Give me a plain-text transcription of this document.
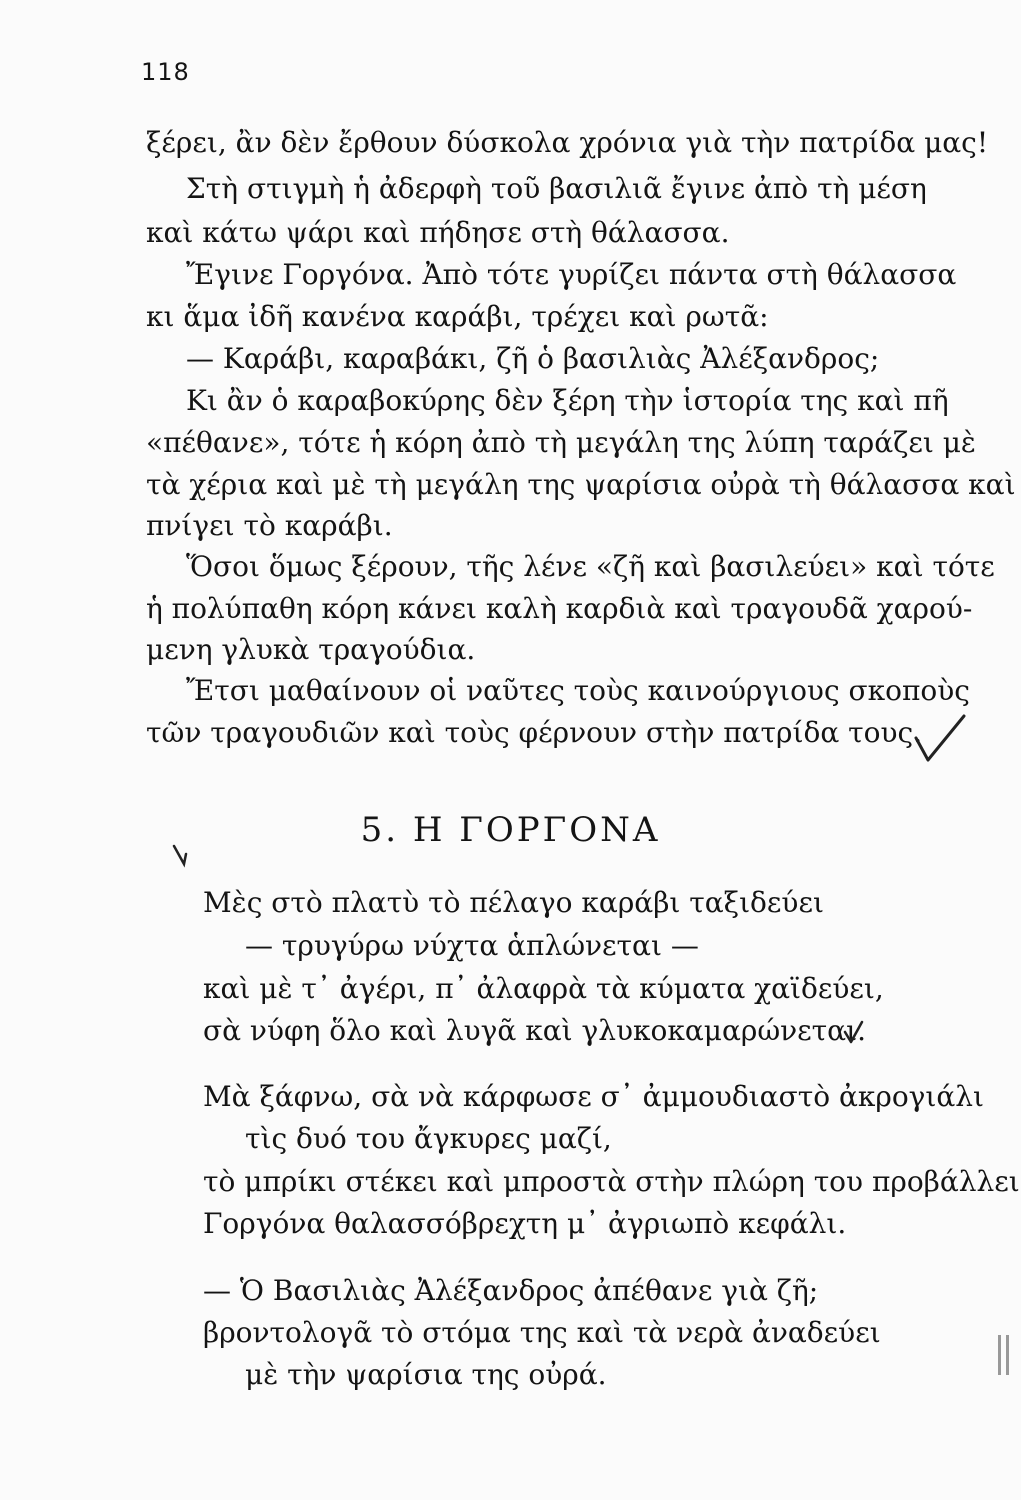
118
ξέρει, ἂν δὲν ἔρθουν δύσκολα χρόνια γιὰ τὴν πατρίδα μας!
Στὴ στιγμὴ ἡ ἀδερφὴ τοῦ βασιλιᾶ ἔγινε ἀπὸ τὴ μέση
καὶ κάτω ψάρι καὶ πήδησε στὴ θάλασσα.
Ἔγινε Γοργόνα. Ἀπὸ τότε γυρίζει πάντα στὴ θάλασσα
κι ἅμα ἰδῆ κανένα καράβι, τρέχει καὶ ρωτᾶ:
— Καράβι, καραβάκι, ζῆ ὁ βασιλιὰς Ἀλέξανδρος;
Κι ἂν ὁ καραβοκύρης δὲν ξέρη τὴν ἱστορία της καὶ πῆ
«πέθανε», τότε ἡ κόρη ἀπὸ τὴ μεγάλη της λύπη ταράζει μὲ
τὰ χέρια καὶ μὲ τὴ μεγάλη της ψαρίσια οὐρὰ τὴ θάλασσα καὶ
πνίγει τὸ καράβι.
Ὅσοι ὅμως ξέρουν, τῆς λένε «ζῆ καὶ βασιλεύει» καὶ τότε
ἡ πολύπαθη κόρη κάνει καλὴ καρδιὰ καὶ τραγουδᾶ χαρού-
μενη γλυκὰ τραγούδια.
Ἔτσι μαθαίνουν οἱ ναῦτες τοὺς καινούργιους σκοποὺς
τῶν τραγουδιῶν καὶ τοὺς φέρνουν στὴν πατρίδα τους.
5. Η ΓΟΡΓΟΝΑ
Μὲς στὸ πλατὺ τὸ πέλαγο καράβι ταξιδεύει
— τρυγύρω νύχτα ἁπλώνεται —
καὶ μὲ τ᾿ ἀγέρι, π᾿ ἀλαφρὰ τὰ κύματα χαϊδεύει,
σὰ νύφη ὅλο καὶ λυγᾶ καὶ γλυκοκαμαρώνεται.
Μὰ ξάφνω, σὰ νὰ κάρφωσε σ᾿ ἀμμουδιαστὸ ἀκρογιάλι
τὶς δυό του ἄγκυρες μαζί,
τὸ μπρίκι στέκει καὶ μπροστὰ στὴν πλώρη του προβάλλει
Γοργόνα θαλασσόβρεχτη μ᾿ ἀγριωπὸ κεφάλι.
— Ὁ Βασιλιὰς Ἀλέξανδρος ἀπέθανε γιὰ ζῆ;
βροντολογᾶ τὸ στόμα της καὶ τὰ νερὰ ἀναδεύει
μὲ τὴν ψαρίσια της οὐρά.
